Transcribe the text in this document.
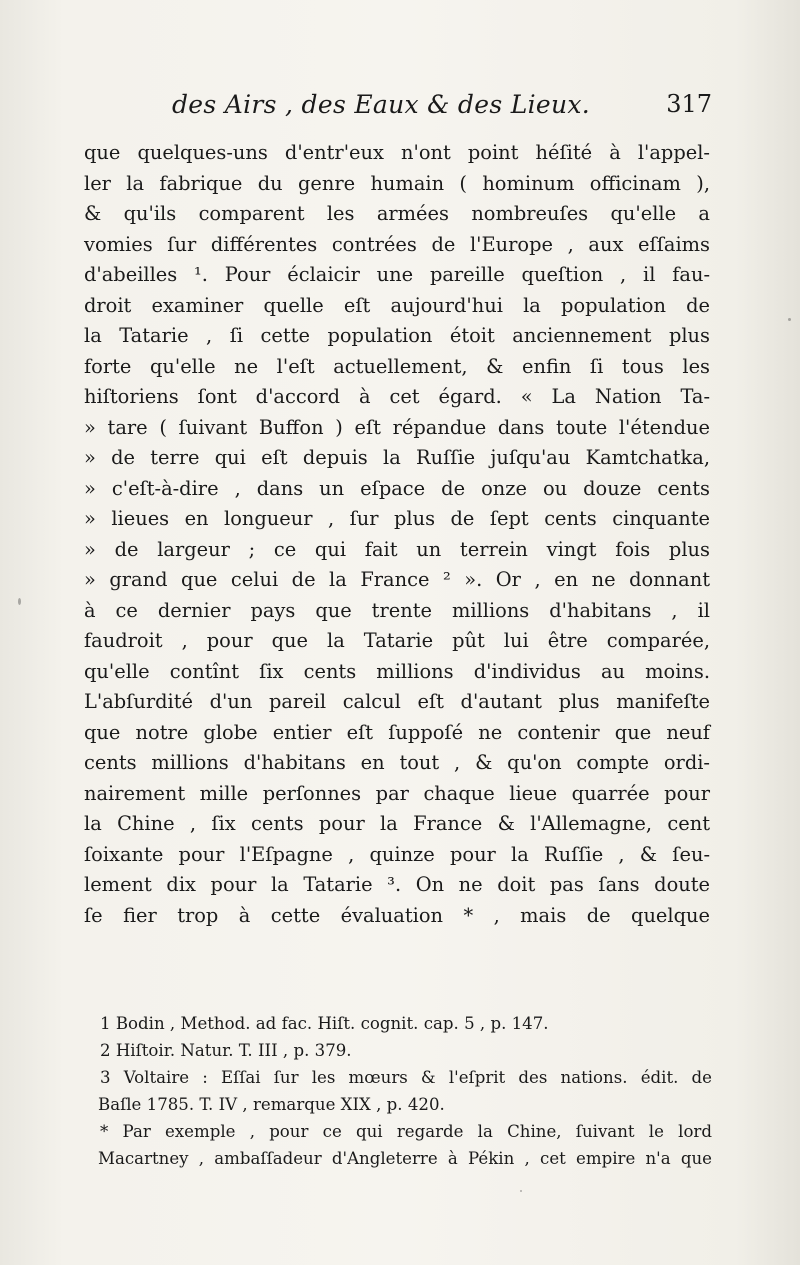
des Airs , des Eaux & des Lieux.	317
que quelques-uns d'entr'eux n'ont point héſité à l'appel-
ler la fabrique du genre humain ( hominum officinam ),
& qu'ils comparent les armées nombreuſes qu'elle a
vomies ſur différentes contrées de l'Europe , aux eſſaims
d'abeilles ¹. Pour éclaicir une pareille queſtion , il fau-
droit examiner quelle eſt aujourd'hui la population de
la Tatarie , ſi cette population étoit anciennement plus
forte qu'elle ne l'eſt actuellement, & enfin ſi tous les
hiſtoriens ſont d'accord à cet égard. « La Nation Ta-
» tare ( ſuivant Buffon ) eſt répandue dans toute l'étendue
» de terre qui eſt depuis la Ruſſie juſqu'au Kamtchatka,
» c'eſt-à-dire , dans un eſpace de onze ou douze cents
» lieues en longueur , ſur plus de ſept cents cinquante
» de largeur ; ce qui fait un terrein vingt fois plus
» grand que celui de la France ² ». Or , en ne donnant
à ce dernier pays que trente millions d'habitans , il
faudroit , pour que la Tatarie pût lui être comparée,
qu'elle contînt ſix cents millions d'individus au moins.
L'abſurdité d'un pareil calcul eſt d'autant plus manifeſte
que notre globe entier eſt ſuppoſé ne contenir que neuf
cents millions d'habitans en tout , & qu'on compte ordi-
nairement mille perſonnes par chaque lieue quarrée pour
la Chine , ſix cents pour la France & l'Allemagne, cent
ſoixante pour l'Eſpagne , quinze pour la Ruſſie , & ſeu-
lement dix pour la Tatarie ³. On ne doit pas ſans doute
ſe fier trop à cette évaluation * , mais de quelque
1 Bodin , Method. ad fac. Hiſt. cognit. cap. 5 , p. 147.
2 Hiſtoir. Natur. T. III , p. 379.
3 Voltaire : Eſſai ſur les mœurs & l'eſprit des nations. édit. de
Baſle 1785. T. IV , remarque XIX , p. 420.
* Par exemple , pour ce qui regarde la Chine, ſuivant le lord
Macartney , ambaſſadeur d'Angleterre à Pékin , cet empire n'a que
